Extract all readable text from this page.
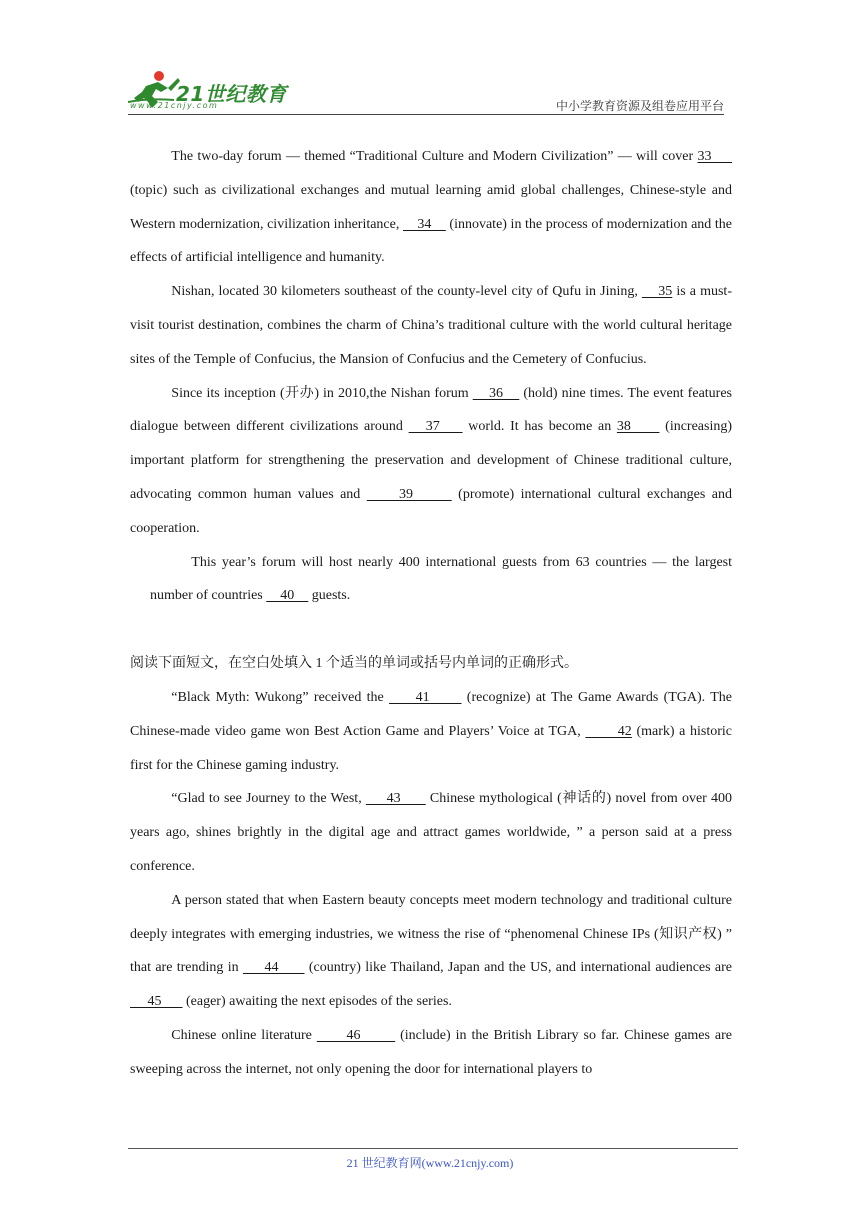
21世纪教育
www.21cnjy.com	中小学教育资源及组卷应用平台

The two-day forum — themed “Traditional Culture and Modern Civilization” — will cover 33      (topic) such as civilizational exchanges and mutual learning amid global challenges, Chinese-style and Western modernization, civilization inheritance,     34     (innovate) in the process of modernization and the effects of artificial intelligence and humanity.

Nishan, located 30 kilometers southeast of the county-level city of Qufu in Jining,     35 is a must-visit tourist destination, combines the charm of China’s traditional culture with the world cultural heritage sites of the Temple of Confucius, the Mansion of Confucius and the Cemetery of Confucius.

Since its inception (开办) in 2010,the Nishan forum     36     (hold) nine times. The event features dialogue between different civilizations around    37     world. It has become an 38      (increasing) important platform for strengthening the preservation and development of Chinese traditional culture, advocating common human values and      39       (promote) international cultural exchanges and cooperation.

This year’s forum will host nearly 400 international guests from 63 countries — the largest number of countries     40     guests.

阅读下面短文，在空白处填入 1 个适当的单词或括号内单词的正确形式。

“Black Myth: Wukong” received the      41       (recognize) at The Game Awards (TGA). The Chinese-made video game won Best Action Game and Players’ Voice at TGA,        42 (mark) a historic first for the Chinese gaming industry.

“Glad to see Journey to the West,      43       Chinese mythological (神话的) novel from over 400 years ago, shines brightly in the digital age and attract games worldwide, ” a person said at a press conference.

A person stated that when Eastern beauty concepts meet modern technology and traditional culture deeply integrates with emerging industries, we witness the rise of “phenomenal Chinese IPs (知识产权) ” that are trending in      44       (country) like Thailand, Japan and the US, and international audiences are      45       (eager) awaiting the next episodes of the series.

Chinese online literature       46        (include) in the British Library so far. Chinese games are sweeping across the internet, not only opening the door for international players to

21 世纪教育网(www.21cnjy.com)
